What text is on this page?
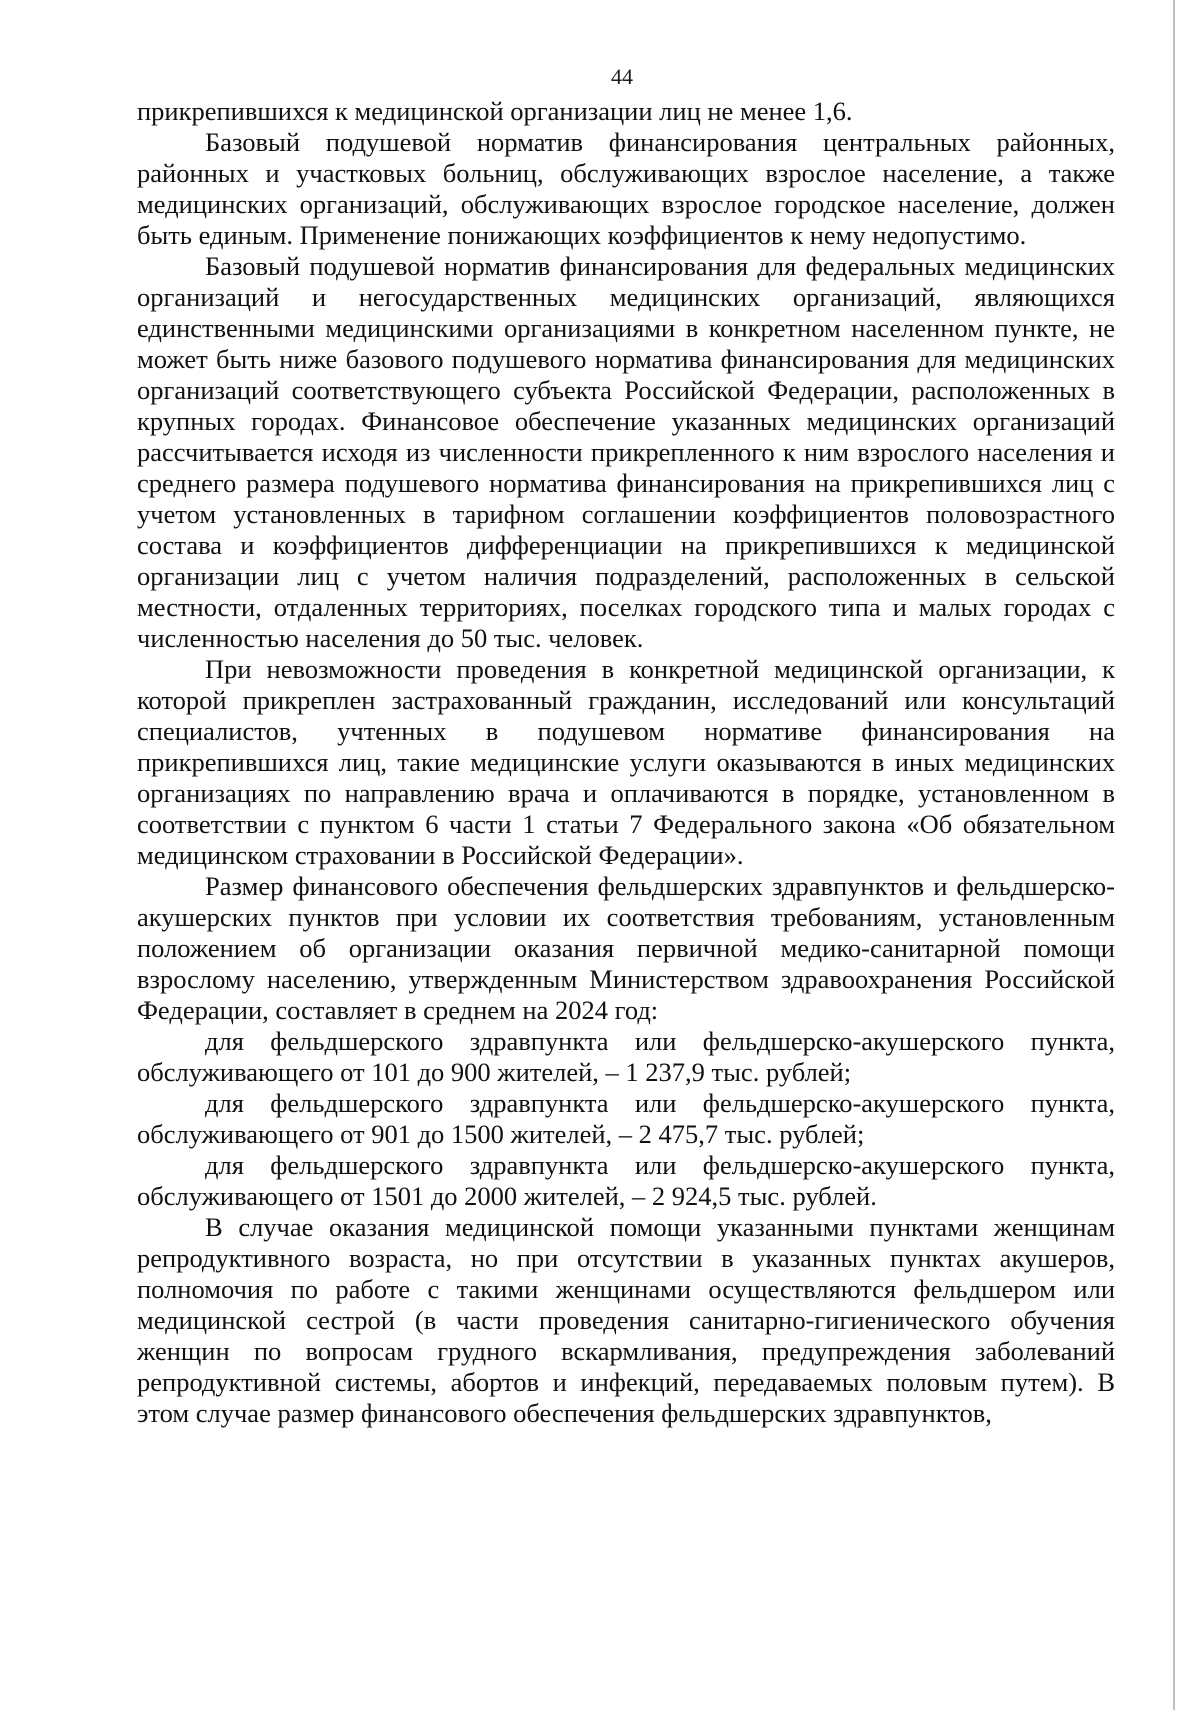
44

прикрепившихся к медицинской организации лиц не менее 1,6.

Базовый подушевой норматив финансирования центральных районных, районных и участковых больниц, обслуживающих взрослое население, а также медицинских организаций, обслуживающих взрослое городское население, должен быть единым. Применение понижающих коэффициентов к нему недопустимо.

Базовый подушевой норматив финансирования для федеральных медицинских организаций и негосударственных медицинских организаций, являющихся единственными медицинскими организациями в конкретном населенном пункте, не может быть ниже базового подушевого норматива финансирования для медицинских организаций соответствующего субъекта Российской Федерации, расположенных в крупных городах. Финансовое обеспечение указанных медицинских организаций рассчитывается исходя из численности прикрепленного к ним взрослого населения и среднего размера подушевого норматива финансирования на прикрепившихся лиц с учетом установленных в тарифном соглашении коэффициентов половозрастного состава и коэффициентов дифференциации на прикрепившихся к медицинской организации лиц с учетом наличия подразделений, расположенных в сельской местности, отдаленных территориях, поселках городского типа и малых городах с численностью населения до 50 тыс. человек.

При невозможности проведения в конкретной медицинской организации, к которой прикреплен застрахованный гражданин, исследований или консультаций специалистов, учтенных в подушевом нормативе финансирования на прикрепившихся лиц, такие медицинские услуги оказываются в иных медицинских организациях по направлению врача и оплачиваются в порядке, установленном в соответствии с пунктом 6 части 1 статьи 7 Федерального закона «Об обязательном медицинском страховании в Российской Федерации».

Размер финансового обеспечения фельдшерских здравпунктов и фельдшерско-акушерских пунктов при условии их соответствия требованиям, установленным положением об организации оказания первичной медико-санитарной помощи взрослому населению, утвержденным Министерством здравоохранения Российской Федерации, составляет в среднем на 2024 год:

для фельдшерского здравпункта или фельдшерско-акушерского пункта, обслуживающего от 101 до 900 жителей, – 1 237,9 тыс. рублей;

для фельдшерского здравпункта или фельдшерско-акушерского пункта, обслуживающего от 901 до 1500 жителей, – 2 475,7 тыс. рублей;

для фельдшерского здравпункта или фельдшерско-акушерского пункта, обслуживающего от 1501 до 2000 жителей, – 2 924,5 тыс. рублей.

В случае оказания медицинской помощи указанными пунктами женщинам репродуктивного возраста, но при отсутствии в указанных пунктах акушеров, полномочия по работе с такими женщинами осуществляются фельдшером или медицинской сестрой (в части проведения санитарно-гигиенического обучения женщин по вопросам грудного вскармливания, предупреждения заболеваний репродуктивной системы, абортов и инфекций, передаваемых половым путем). В этом случае размер финансового обеспечения фельдшерских здравпунктов,
